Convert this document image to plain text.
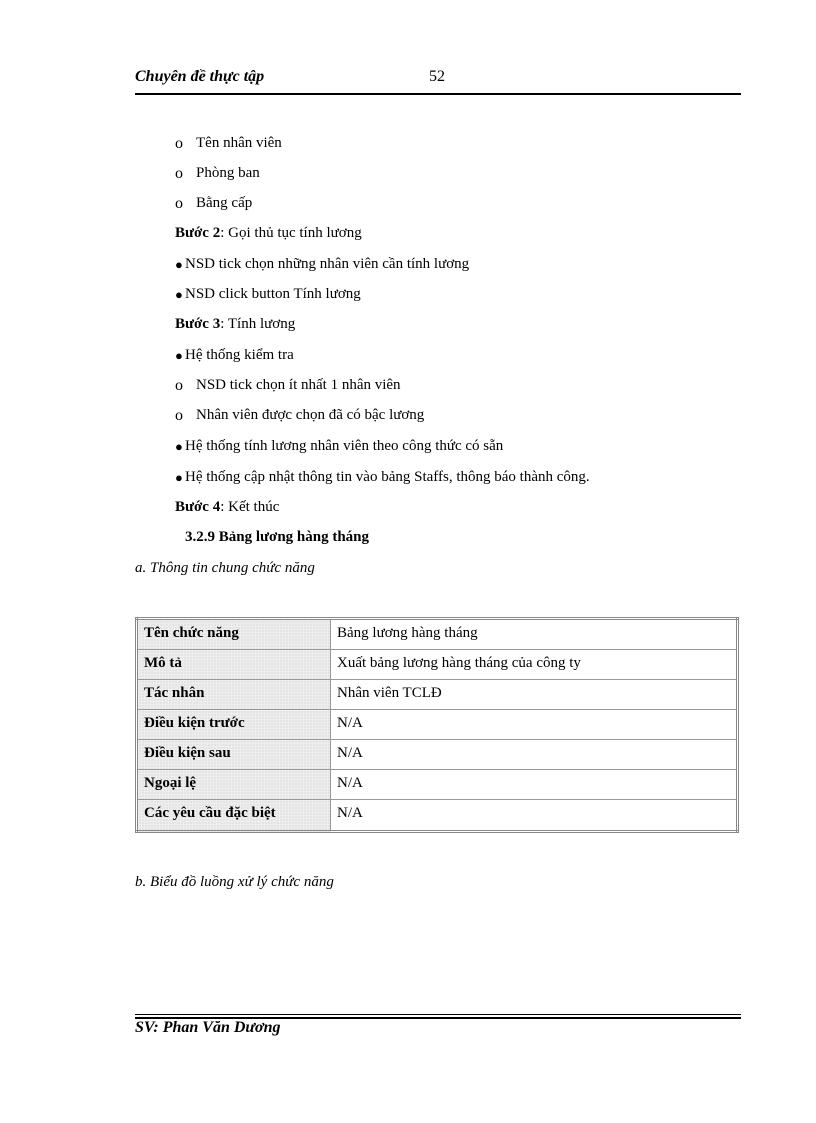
Chuyên đề thực tập	52
o Tên nhân viên
o Phòng ban
o Bằng cấp
Bước 2: Gọi thủ tục tính lương
● NSD tick chọn những nhân viên cần tính lương
● NSD click button Tính lương
Bước 3: Tính lương
● Hệ thống kiểm tra
o NSD tick chọn ít nhất 1 nhân viên
o Nhân viên được chọn đã có bậc lương
● Hệ thống tính lương nhân viên theo công thức có sẵn
● Hệ thống cập nhật thông tin vào bảng Staffs, thông báo thành công.
Bước 4: Kết thúc
3.2.9 Bảng lương hàng tháng
a. Thông tin chung chức năng
Tên chức năng	Bảng lương hàng tháng
Mô tả	Xuất bảng lương hàng tháng của công ty
Tác nhân	Nhân viên TCLĐ
Điều kiện trước	N/A
Điều kiện sau	N/A
Ngoại lệ	N/A
Các yêu cầu đặc biệt	N/A
b. Biểu đồ luồng xử lý chức năng
SV: Phan Văn Dương
